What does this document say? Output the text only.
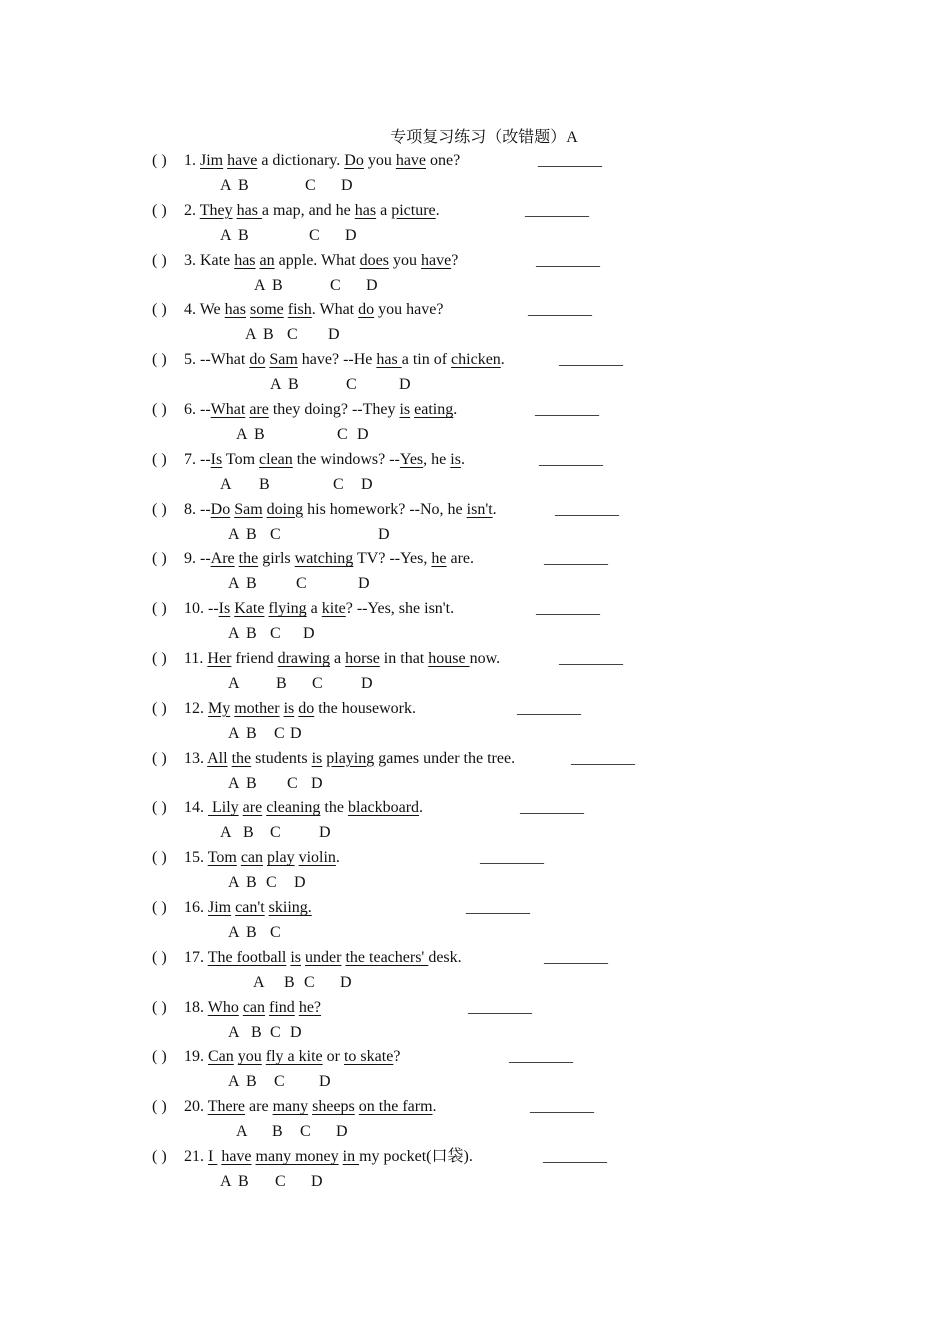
专项复习练习（改错题）A
( ) 1. Jim have a dictionary. Do you have one?	________
A B	C D
( ) 2. They has a map, and he has a picture.	________
A B	C D
( ) 3. Kate has an apple. What does you have?	________
A B	C D
( ) 4. We has some fish. What do you have?	________
A B C D
( ) 5. --What do Sam have? --He has a tin of chicken.	________
A B	C	D
( ) 6. --What are they doing? --They is eating.	________
A B	C D
( ) 7. --Is Tom clean the windows? --Yes, he is.	________
A B	C D
( ) 8. --Do Sam doing his homework? --No, he isn't.	________
A B C	D
( ) 9. --Are the girls watching TV? --Yes, he are.	________
A B C	D
( ) 10. --Is Kate flying a kite? --Yes, she isn't.	________
A B C D
( ) 11. Her friend drawing a horse in that house now.	________
A B C D
( ) 12. My mother is do the housework.	________
A B C D
( ) 13. All the students is playing games under the tree.	________
A B C D
( ) 14.  Lily are cleaning the blackboard.	________
A B C D
( ) 15. Tom can play violin.	________
A B C D
( ) 16. Jim can't skiing.	________
A B C
( ) 17. The football is under the teachers' desk.	________
A B C D
( ) 18. Who can find he?	________
A B C D
( ) 19. Can you fly a kite or to skate?	________
A B C D
( ) 20. There are many sheeps on the farm.	________
A B C D
( ) 21. I  have many money in my pocket(口袋).	________
A B C D
